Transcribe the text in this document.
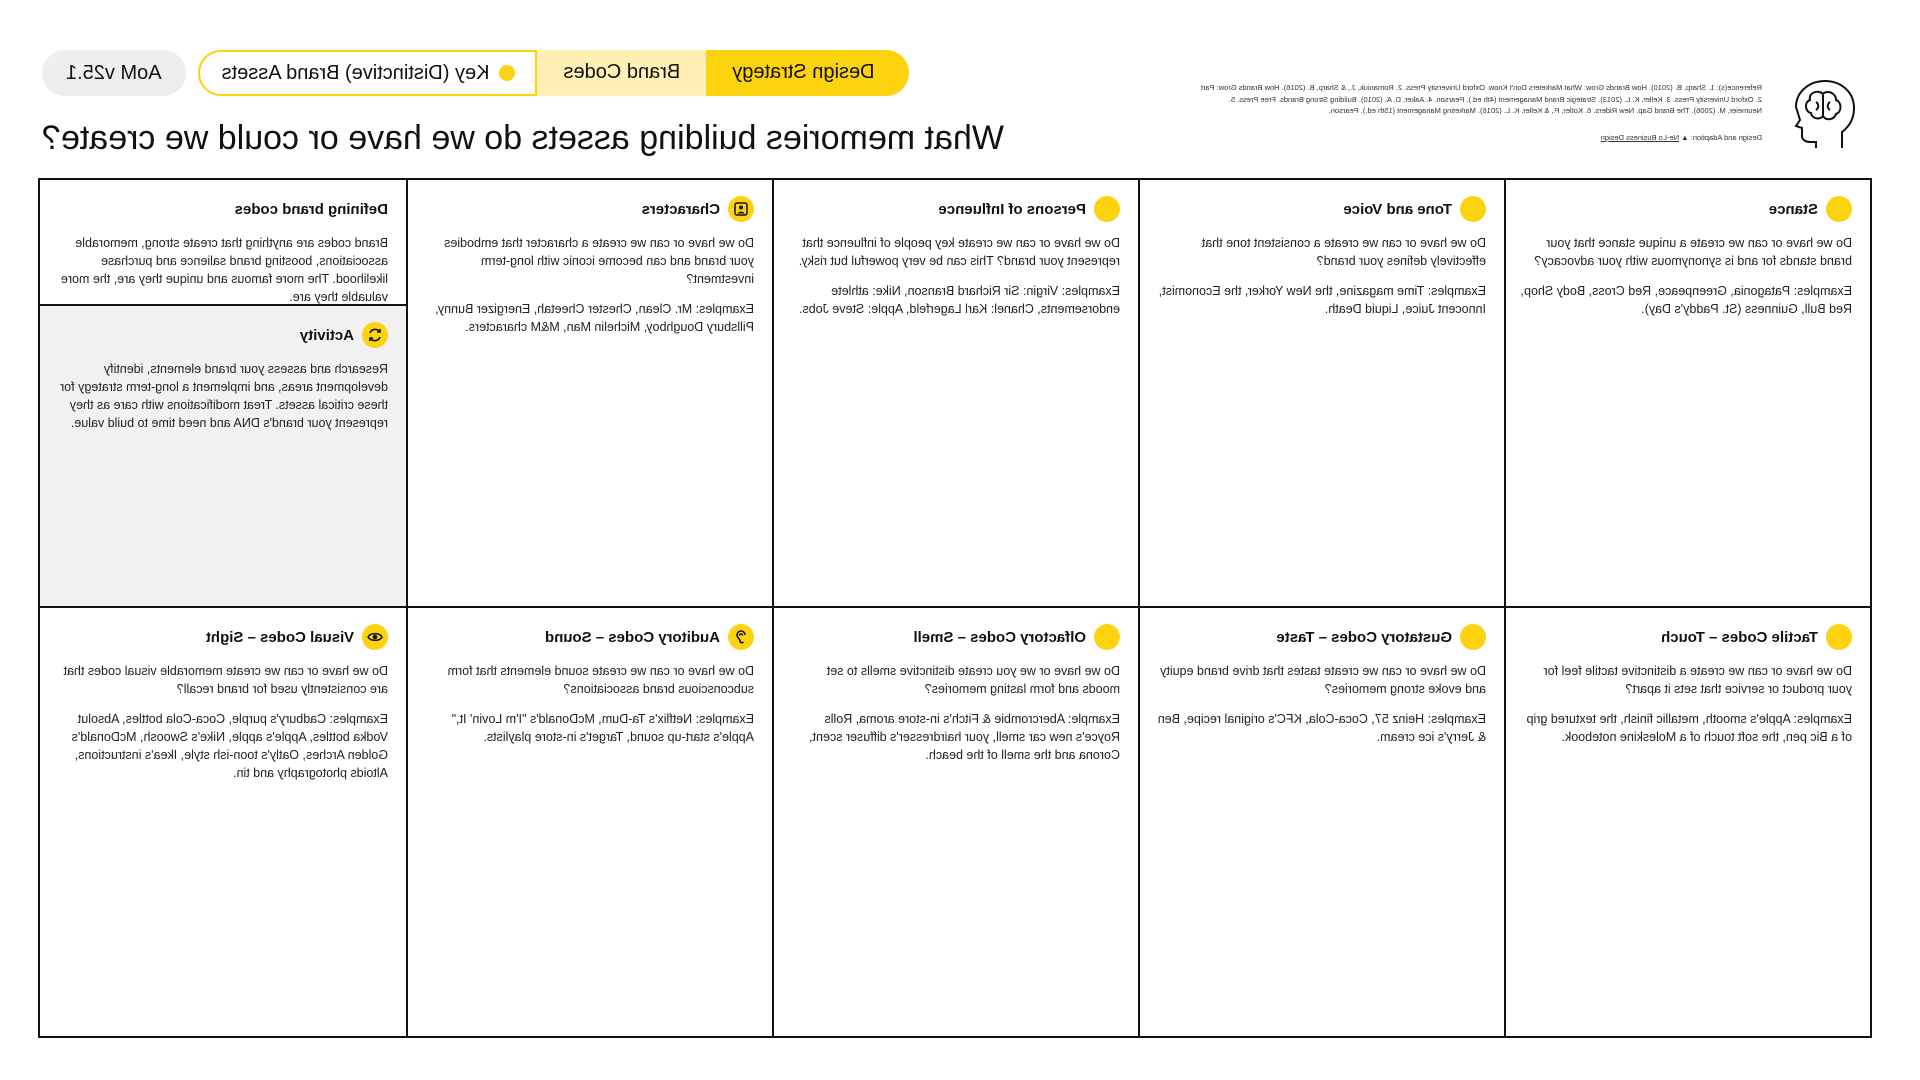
Reference(s): 1. Sharp, B. (2010). How Brands Grow: What Marketers Don't Know. Oxford University Press. 2. Romaniuk, J., & Sharp, B. (2016). How Brands Grow: Part 2. Oxford University Press. 3. Keller, K. L. (2013). Strategic Brand Management (4th ed.). Pearson. 4. Aaker, D. A. (2010). Building Strong Brands. Free Press. 5. Neumeier, M. (2006). The Brand Gap. New Riders. 6. Kotler, P., & Keller, K. L. (2016). Marketing Management (15th ed.). Pearson.
Design and Adaption: ▲ Ne-Lo Business Design
Design Strategy
Brand Codes
Key (Distinctive) Brand Assets
AoM v25.1
What memories building assets do we have or could we create?
Stance

Do we have or can we create a unique stance that your brand stands for and is synonymous with your advocacy?

Examples: Patagonia, Greenpeace, Red Cross, Body Shop, Red Bull, Guinness (St. Paddy's Day).

Tone and Voice

Do we have or can we create a consistent tone that effectively defines your brand?

Examples: Time magazine, the New Yorker, the Economist, Innocent Juice, Liquid Death.

Persons of Influence

Do we have or can we create key people of influence that represent your brand? This can be very powerful but risky.

Examples: Virgin: Sir Richard Branson, Nike: athlete endorsements, Chanel: Karl Lagerfeld, Apple: Steve Jobs.

Characters

Do we have or can we create a character that embodies your brand and can become iconic with long-term investment?

Examples: Mr. Clean, Chester Cheetah, Energizer Bunny, Pillsbury Doughboy, Michelin Man, M&M characters.

Defining brand codes

Brand codes are anything that create strong, memorable associations, boosting brand salience and purchase likelihood. The more famous and unique they are, the more valuable they are.

Activity

Research and assess your brand elements, identify development areas, and implement a long-term strategy for these critical assets. Treat modifications with care as they represent your brand's DNA and need time to build value.

Tactile Codes – Touch

Do we have or can we create a distinctive tactile feel for your product or service that sets it apart?

Examples: Apple's smooth, metallic finish, the textured grip of a Bic pen, the soft touch of a Moleskine notebook.

Gustatory Codes – Taste

Do we have or can we create tastes that drive brand equity and evoke strong memories?

Examples: Heinz 57, Coca-Cola, KFC's original recipe, Ben & Jerry's ice cream.

Olfactory Codes – Smell

Do we have or we you create distinctive smells to set moods and form lasting memories?

Example: Abercrombie & Fitch's in-store aroma, Rolls Royce's new car smell, your hairdresser's diffuser scent, Corona and the smell of the beach.

Auditory Codes – Sound

Do we have or can we create sound elements that form subconscious brand associations?

Examples: Netflix's Ta-Dum, McDonald's "I'm Lovin' It," Apple's start-up sound, Target's in-store playlists.

Visual Codes – Sight

Do we have or can we create memorable visual codes that are consistently used for brand recall?

Examples: Cadbury's purple, Coca-Cola bottles, Absolut Vodka bottles, Apple's apple, Nike's Swoosh, McDonald's Golden Arches, Oatly's toon-ish style, Ikea's instructions, Altoids photography and tin.
